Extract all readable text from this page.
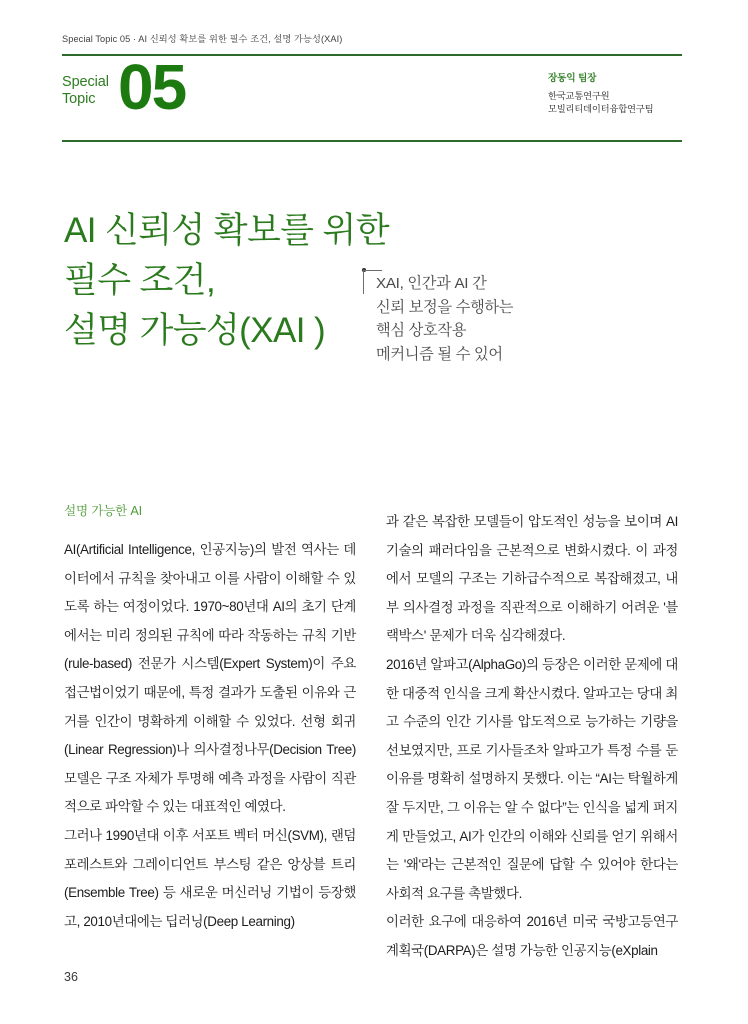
Special Topic 05 · AI 신뢰성 확보를 위한 필수 조건, 설명 가능성(XAI)
Special
Topic 05	장동익 팀장
한국교통연구원
모빌리티데이터융합연구팀
AI 신뢰성 확보를 위한
필수 조건,
설명 가능성(XAI )
XAI, 인간과 AI 간
신뢰 보정을 수행하는
핵심 상호작용
메커니즘 될 수 있어
설명 가능한 AI

AI(Artificial Intelligence, 인공지능)의 발전 역사는 데이터에서 규칙을 찾아내고 이를 사람이 이해할 수 있도록 하는 여정이었다. 1970~80년대 AI의 초기 단계에서는 미리 정의된 규칙에 따라 작동하는 규칙 기반(rule-based) 전문가 시스템(Expert System)이 주요 접근법이었기 때문에, 특정 결과가 도출된 이유와 근거를 인간이 명확하게 이해할 수 있었다. 선형 회귀(Linear Regression)나 의사결정나무(Decision Tree) 모델은 구조 자체가 투명해 예측 과정을 사람이 직관적으로 파악할 수 있는 대표적인 예였다.

그러나 1990년대 이후 서포트 벡터 머신(SVM), 랜덤 포레스트와 그레이디언트 부스팅 같은 앙상블 트리(Ensemble Tree) 등 새로운 머신러닝 기법이 등장했고, 2010년대에는 딥러닝(Deep Learning)

과 같은 복잡한 모델들이 압도적인 성능을 보이며 AI 기술의 패러다임을 근본적으로 변화시켰다. 이 과정에서 모델의 구조는 기하급수적으로 복잡해졌고, 내부 의사결정 과정을 직관적으로 이해하기 어려운 '블랙박스' 문제가 더욱 심각해졌다.

2016년 알파고(AlphaGo)의 등장은 이러한 문제에 대한 대중적 인식을 크게 확산시켰다. 알파고는 당대 최고 수준의 인간 기사를 압도적으로 능가하는 기량을 선보였지만, 프로 기사들조차 알파고가 특정 수를 둔 이유를 명확히 설명하지 못했다. 이는 “AI는 탁월하게 잘 두지만, 그 이유는 알 수 없다”는 인식을 넓게 퍼지게 만들었고, AI가 인간의 이해와 신뢰를 얻기 위해서는 '왜'라는 근본적인 질문에 답할 수 있어야 한다는 사회적 요구를 촉발했다.

이러한 요구에 대응하여 2016년 미국 국방고등연구계획국(DARPA)은 설명 가능한 인공지능(eXplain

36
